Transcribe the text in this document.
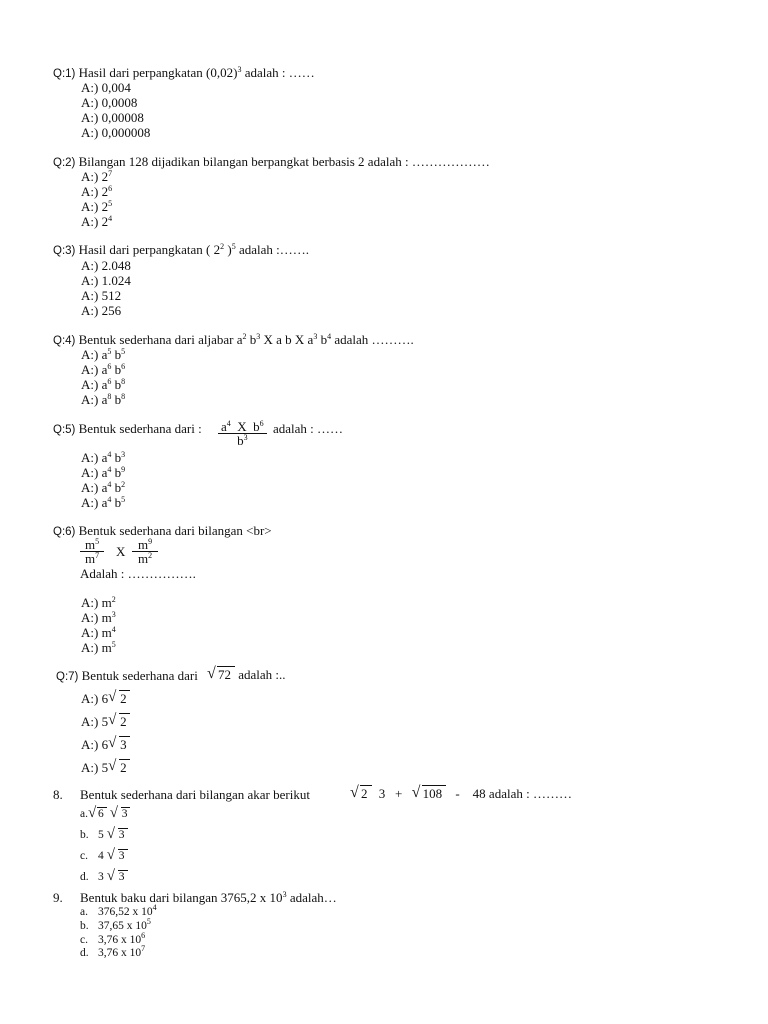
Q:1) Hasil dari perpangkatan $(0,02)^3$ adalah : ……
A:) 0,004
A:) 0,0008
A:) 0,00008
A:) 0,000008
Q:2) Bilangan 128 dijadikan bilangan berpangkat berbasis 2 adalah : ………………
A:) $2^7$
A:) $2^6$
A:) $2^5$
A:) $2^4$
Q:3) Hasil dari perpangkatan ( $2^2$ )$^5$ adalah :…….
A:) 2.048
A:) 1.024
A:) 512
A:) 256
Q:4) Bentuk sederhana dari aljabar $a^2$ $b^3$ X a b X $a^3$ $b^4$ adalah ……….
A:) $a^5$ $b^5$
A:) $a^6$ $b^6$
A:) $a^6$ $b^8$
A:) $a^8$ $b^8$
Q:5) Bentuk sederhana dari : $\frac{a^4 X b^6}{b^3}$ adalah : ……
A:) $a^4$ $b^3$
A:) $a^4$ $b^9$
A:) $a^4$ $b^2$
A:) $a^4$ $b^5$
Q:6) Bentuk sederhana dari bilangan <br>
$\frac{m^5}{m^7}$ X $\frac{m^9}{m^2}$
Adalah : …………….
A:) $m^2$
A:) $m^3$
A:) $m^4$
A:) $m^5$
Q:7) Bentuk sederhana dari √ 72 adalah :..
A:) 6 √ 2
A:) 5 √ 2
A:) 6 √ 3
A:) 5 √ 2
8. Bentuk sederhana dari bilangan akar berikut	√ 2 3   + √ 108 -    48 adalah : ………
a. √ 6 √ 3
b. 5 √ 3
c. 4 √ 3
d. 3 √ 3
9. Bentuk baku dari bilangan 3765,2 x $10^3$ adalah…
a. 376,52 x $10^4$
b. 37,65 x $10^5$
c. 3,76 x $10^6$
d. 3,76 x $10^7$
